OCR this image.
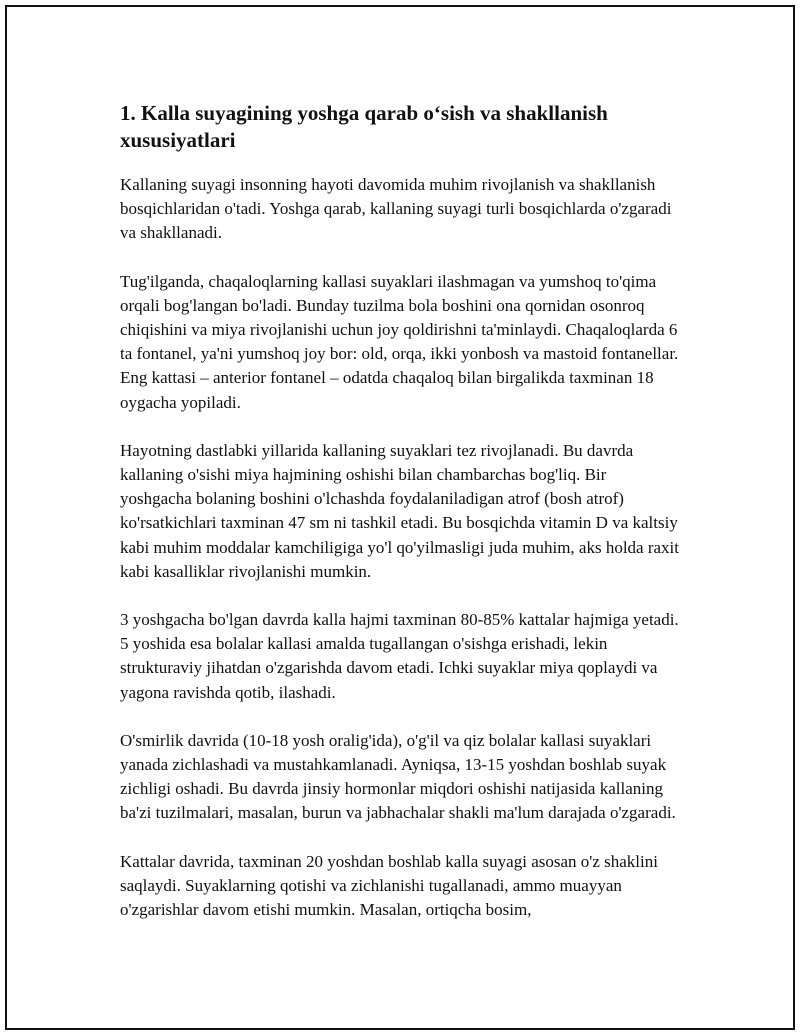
1. Kalla suyagining yoshga qarab o‘sish va shakllanish xususiyatlari

Kallaning suyagi insonning hayoti davomida muhim rivojlanish va shakllanish bosqichlaridan o'tadi. Yoshga qarab, kallaning suyagi turli bosqichlarda o'zgaradi va shakllanadi.

Tug'ilganda, chaqaloqlarning kallasi suyaklari ilashmagan va yumshoq to'qima orqali bog'langan bo'ladi. Bunday tuzilma bola boshini ona qornidan osonroq chiqishini va miya rivojlanishi uchun joy qoldirishni ta'minlaydi. Chaqaloqlarda 6 ta fontanel, ya'ni yumshoq joy bor: old, orqa, ikki yonbosh va mastoid fontanellar. Eng kattasi – anterior fontanel – odatda chaqaloq bilan birgalikda taxminan 18 oygacha yopiladi.

Hayotning dastlabki yillarida kallaning suyaklari tez rivojlanadi. Bu davrda kallaning o'sishi miya hajmining oshishi bilan chambarchas bog'liq. Bir yoshgacha bolaning boshini o'lchashda foydalaniladigan atrof (bosh atrof) ko'rsatkichlari taxminan 47 sm ni tashkil etadi. Bu bosqichda vitamin D va kaltsiy kabi muhim moddalar kamchiligiga yo'l qo'yilmasligi juda muhim, aks holda raxit kabi kasalliklar rivojlanishi mumkin.

3 yoshgacha bo'lgan davrda kalla hajmi taxminan 80-85% kattalar hajmiga yetadi. 5 yoshida esa bolalar kallasi amalda tugallangan o'sishga erishadi, lekin strukturaviy jihatdan o'zgarishda davom etadi. Ichki suyaklar miya qoplaydi va yagona ravishda qotib, ilashadi.

O'smirlik davrida (10-18 yosh oralig'ida), o'g'il va qiz bolalar kallasi suyaklari yanada zichlashadi va mustahkamlanadi. Ayniqsa, 13-15 yoshdan boshlab suyak zichligi oshadi. Bu davrda jinsiy hormonlar miqdori oshishi natijasida kallaning ba'zi tuzilmalari, masalan, burun va jabhachalar shakli ma'lum darajada o'zgaradi.

Kattalar davrida, taxminan 20 yoshdan boshlab kalla suyagi asosan o'z shaklini saqlaydi. Suyaklarning qotishi va zichlanishi tugallanadi, ammo muayyan o'zgarishlar davom etishi mumkin. Masalan, ortiqcha bosim,
